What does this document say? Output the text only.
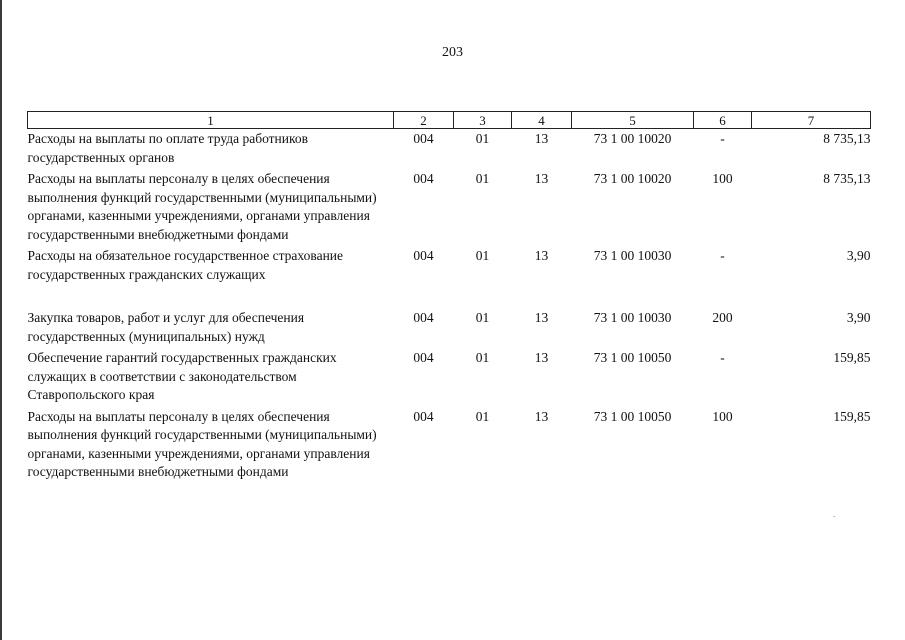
203
1	2	3	4	5	6	7
Расходы на выплаты по оплате труда работников государственных органов	004	01	13	73 1 00 10020	-	8 735,13
Расходы на выплаты персоналу в целях обеспечения выполнения функций государственными (муниципальными) органами, казенными учреждениями, органами управления государственными внебюджетными фондами	004	01	13	73 1 00 10020	100	8 735,13
Расходы на обязательное государственное страхование государственных гражданских служащих	004	01	13	73 1 00 10030	-	3,90
Закупка товаров, работ и услуг для обеспечения государственных (муниципальных) нужд	004	01	13	73 1 00 10030	200	3,90
Обеспечение гарантий государственных гражданских служащих в соответствии с законодательством Ставропольского края	004	01	13	73 1 00 10050	-	159,85
Расходы на выплаты персоналу в целях обеспечения выполнения функций государственными (муниципальными) органами, казенными учреждениями, органами управления государственными внебюджетными фондами	004	01	13	73 1 00 10050	100	159,85
.
